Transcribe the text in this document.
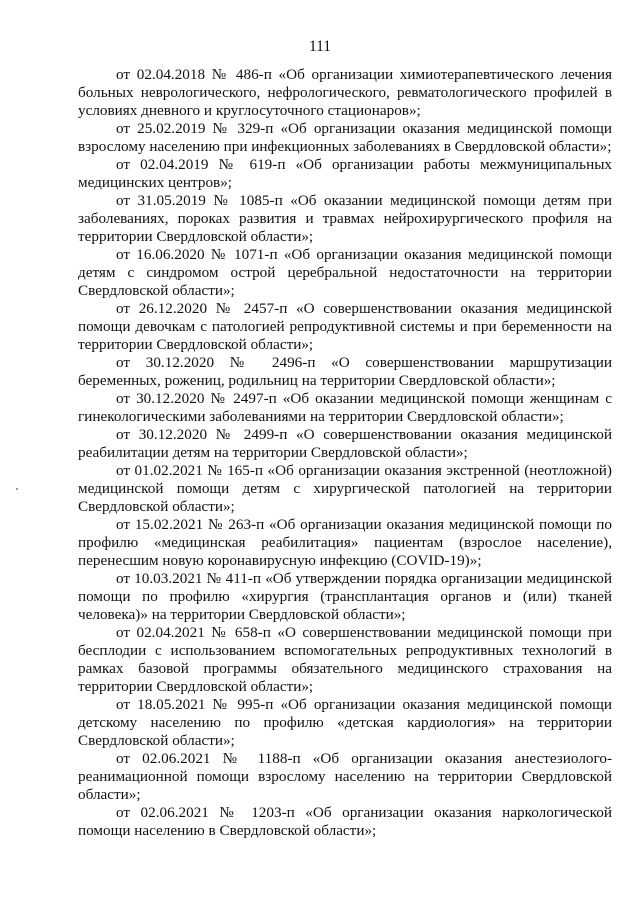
111

от 02.04.2018 № 486-п «Об организации химиотерапевтического лечения больных неврологического, нефрологического, ревматологического профилей в условиях дневного и круглосуточного стационаров»;

от 25.02.2019 № 329-п «Об организации оказания медицинской помощи взрослому населению при инфекционных заболеваниях в Свердловской области»;

от 02.04.2019 № 619-п «Об организации работы межмуниципальных медицинских центров»;

от 31.05.2019 № 1085-п «Об оказании медицинской помощи детям при заболеваниях, пороках развития и травмах нейрохирургического профиля на территории Свердловской области»;

от 16.06.2020 № 1071-п «Об организации оказания медицинской помощи детям с синдромом острой церебральной недостаточности на территории Свердловской области»;

от 26.12.2020 № 2457-п «О совершенствовании оказания медицинской помощи девочкам с патологией репродуктивной системы и при беременности на территории Свердловской области»;

от 30.12.2020 № 2496-п «О совершенствовании маршрутизации беременных, рожениц, родильниц на территории Свердловской области»;

от 30.12.2020 № 2497-п «Об оказании медицинской помощи женщинам с гинекологическими заболеваниями на территории Свердловской области»;

от 30.12.2020 № 2499-п «О совершенствовании оказания медицинской реабилитации детям на территории Свердловской области»;

от 01.02.2021 № 165-п «Об организации оказания экстренной (неотложной) медицинской помощи детям с хирургической патологией на территории Свердловской области»;

от 15.02.2021 № 263-п «Об организации оказания медицинской помощи по профилю «медицинская реабилитация» пациентам (взрослое население), перенесшим новую коронавирусную инфекцию (COVID-19)»;

от 10.03.2021 № 411-п «Об утверждении порядка организации медицинской помощи по профилю «хирургия (трансплантация органов и (или) тканей человека)» на территории Свердловской области»;

от 02.04.2021 № 658-п «О совершенствовании медицинской помощи при бесплодии с использованием вспомогательных репродуктивных технологий в рамках базовой программы обязательного медицинского страхования на территории Свердловской области»;

от 18.05.2021 № 995-п «Об организации оказания медицинской помощи детскому населению по профилю «детская кардиология» на территории Свердловской области»;

от 02.06.2021 № 1188-п «Об организации оказания анестезиолого-реанимационной помощи взрослому населению на территории Свердловской области»;

от 02.06.2021 № 1203-п «Об организации оказания наркологической помощи населению в Свердловской области»;
